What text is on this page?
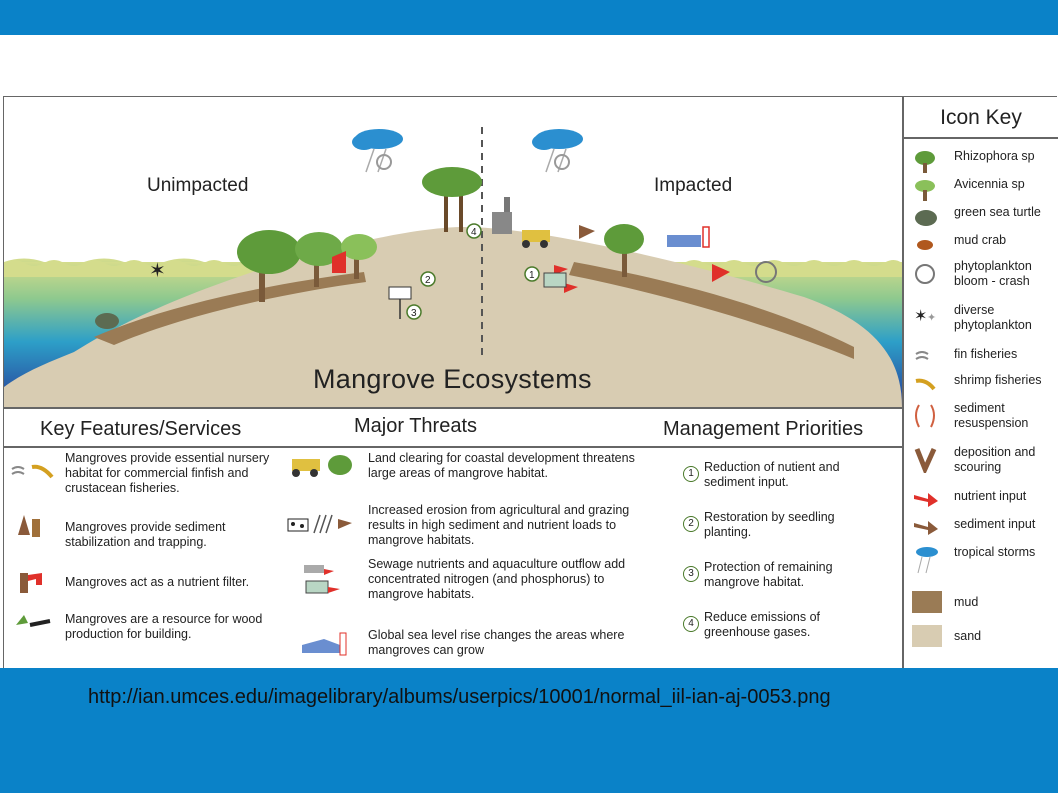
✶	1
2
3
4
Unimpacted	Impacted
Mangrove Ecosystems
Icon Key
Rhizophora sp
Avicennia sp
green sea turtle
mud crab
phytoplankton bloom - crash
✶ ✦
diverse phytoplankton
fin fisheries
shrimp fisheries
sediment resuspension
deposition and scouring
nutrient input
sediment input
tropical storms
mud
sand
Key Features/Services	Major Threats	Management Priorities
Mangroves provide essential nursery habitat for commercial finfish and crustacean fisheries.
Mangroves provide sediment stabilization and trapping.
Mangroves act as a nutrient filter.
Mangroves are a resource for wood production for building.
Land clearing for coastal development threatens large areas of mangrove habitat.
Increased erosion from agricultural and grazing results in high sediment and nutrient loads to mangrove habitats.
Sewage nutrients and aquaculture outflow add concentrated nitrogen (and phosphorus) to mangrove habitats.
Global sea level rise changes the areas where mangroves can grow
1 Reduction of nutient and sediment input.
2 Restoration by seedling planting.
3 Protection of remaining mangrove habitat.
4 Reduce emissions of greenhouse gases.
http://ian.umces.edu/imagelibrary/albums/userpics/10001/normal_iil-ian-aj-0053.png
